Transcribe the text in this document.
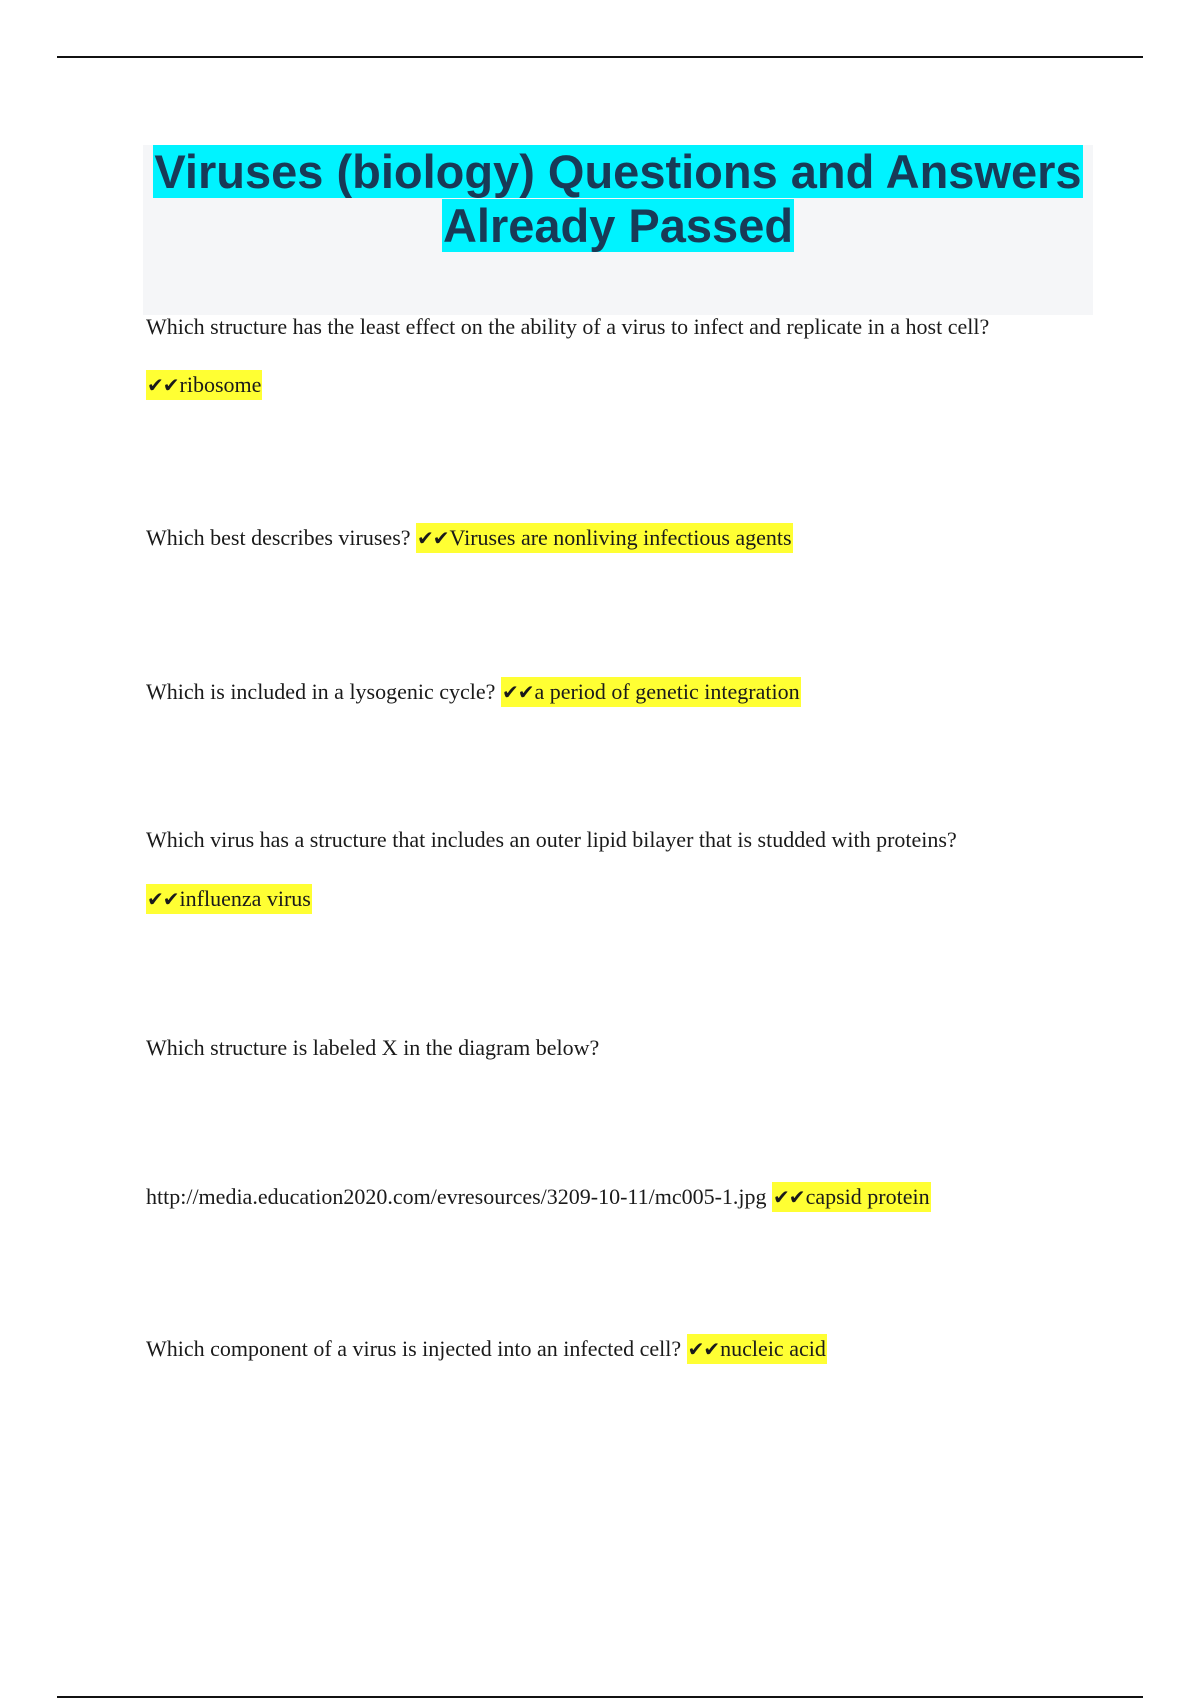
Viruses (biology) Questions and Answers Already Passed
Which structure has the least effect on the ability of a virus to infect and replicate in a host cell?
✔✔ribosome
Which best describes viruses? ✔✔Viruses are nonliving infectious agents
Which is included in a lysogenic cycle? ✔✔a period of genetic integration
Which virus has a structure that includes an outer lipid bilayer that is studded with proteins?
✔✔influenza virus
Which structure is labeled X in the diagram below?
http://media.education2020.com/evresources/3209-10-11/mc005-1.jpg ✔✔capsid protein
Which component of a virus is injected into an infected cell? ✔✔nucleic acid
